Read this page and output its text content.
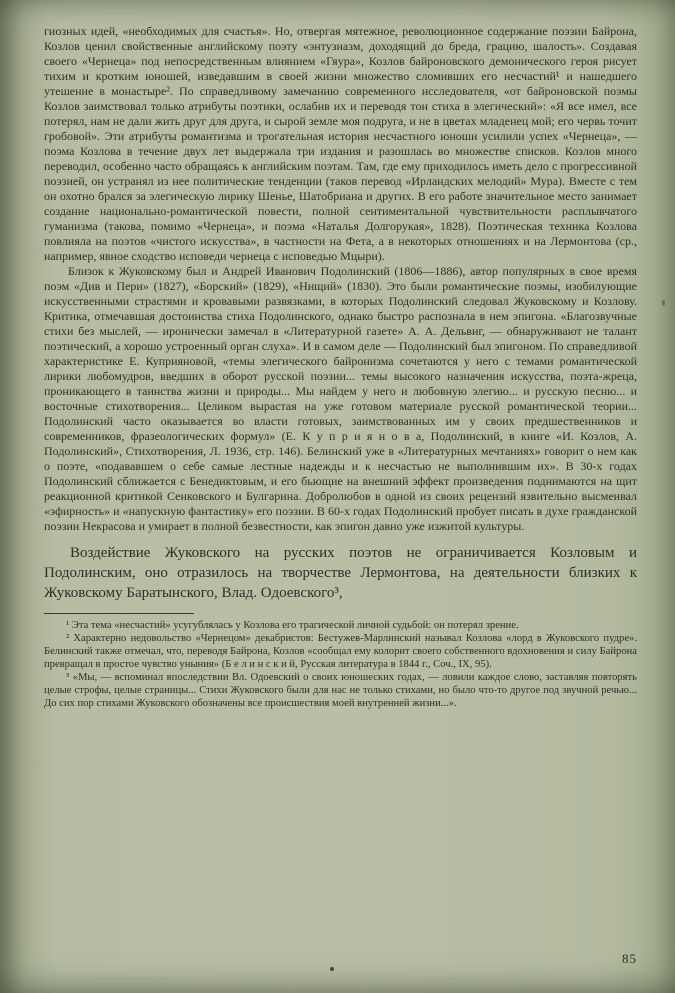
гиозных идей, «необходимых для счастья». Но, отвергая мятежное, революционное содержание поэзии Байрона, Козлов ценил свойственные английскому поэту «энтузиазм, доходящий до бреда, грацию, шалость». Создавая своего «Чернеца» под непосредственным влиянием «Гяура», Козлов байроновского демонического героя рисует тихим и кротким юношей, изведавшим в своей жизни множество сломивших его несчастий¹ и нашедшего утешение в монастыре². По справедливому замечанию современного исследователя, «от байроновской поэмы Козлов заимствовал только атрибуты поэтики, ослабив их и переводя тон стиха в элегический»: «Я все имел, все потерял, нам не дали жить друг для друга, и сырой земле моя подруга, и не в цветах младенец мой; его червь точит гробовой». Эти атрибуты романтизма и трогательная история несчастного юноши усилили успех «Чернеца», — поэма Козлова в течение двух лет выдержала три издания и разошлась во множестве списков. Козлов много переводил, особенно часто обращаясь к английским поэтам. Там, где ему приходилось иметь дело с прогрессивной поэзией, он устранял из нее политические тенденции (таков перевод «Ирландских мелодий» Мура). Вместе с тем он охотно брался за элегическую лирику Шенье, Шатобриана и других. В его работе значительное место занимает создание национально-романтической повести, полной сентиментальной чувствительности расплывчатого гуманизма (такова, помимо «Чернеца», и поэма «Наталья Долгорукая», 1828). Поэтическая техника Козлова повлияла на поэтов «чистого искусства», в частности на Фета, а в некоторых отношениях и на Лермонтова (ср., например, явное сходство исповеди чернеца с исповедью Мцыри).

Близок к Жуковскому был и Андрей Иванович Подолинский (1806—1886), автор популярных в свое время поэм «Див и Пери» (1827), «Борский» (1829), «Нищий» (1830). Это были романтические поэмы, изобилующие искусственными страстями и кровавыми развязками, в которых Подолинский следовал Жуковскому и Козлову. Критика, отмечавшая достоинства стиха Подолинского, однако быстро распознала в нем эпигона. «Благозвучные стихи без мыслей, — иронически замечал в «Литературной газете» А. А. Дельвиг, — обнаруживают не талант поэтический, а хорошо устроенный орган слуха». И в самом деле — Подолинский был эпигоном. По справедливой характеристике Е. Куприяновой, «темы элегического байронизма сочетаются у него с темами романтической лирики любомудров, введших в оборот русской поэзии... темы высокого назначения искусства, поэта-жреца, проникающего в таинства жизни и природы... Мы найдем у него и любовную элегию... и русскую песню... и восточные стихотворения... Целиком вырастая на уже готовом материале русской романтической теории... Подолинский часто оказывается во власти готовых, заимствованных им у своих предшественников и современников, фразеологических формул» (Е. К у п р и я н о в а, Подолинский, в книге «И. Козлов, А. Подолинский», Стихотворения, Л. 1936, стр. 146). Белинский уже в «Литературных мечтаниях» говорит о нем как о поэте, «подававшем о себе самые лестные надежды и к несчастью не выполнившим их». В 30-х годах Подолинский сближается с Бенедиктовым, и его бьющие на внешний эффект произведения поднимаются на щит реакционной критикой Сенковского и Булгарина. Добролюбов в одной из своих рецензий язвительно высмеивал «эфирность» и «напускную фантастику» его поэзии. В 60-х годах Подолинский пробует писать в духе гражданской поэзии Некрасова и умирает в полной безвестности, как эпигон давно уже изжитой культуры.

Воздействие Жуковского на русских поэтов не ограничивается Козловым и Подолинским, оно отразилось на творчестве Лермонтова, на деятельности близких к Жуковскому Баратынского, Влад. Одоевского³,

¹ Эта тема «несчастий» усугублялась у Козлова его трагической личной судьбой: он потерял зрение.

² Характерно недовольство «Чернецом» декабристов: Бестужев-Марлинский называл Козлова «лорд в Жуковского пудре». Белинский также отмечал, что, переводя Байрона, Козлов «сообщал ему колорит своего собственного вдохновения и силу Байрона превращал в простое чувство уныния» (Б е л и н с к и й, Русская литература в 1844 г., Соч., IX, 95).

³ «Мы, — вспоминал впоследствии Вл. Одоевский о своих юношеских годах, — ловили каждое слово, заставляя повторять целые строфы, целые страницы... Стихи Жуковского были для нас не только стихами, но было что-то другое под звучной речью... До сих пор стихами Жуковского обозначены все происшествия моей внутренней жизни...».

85
